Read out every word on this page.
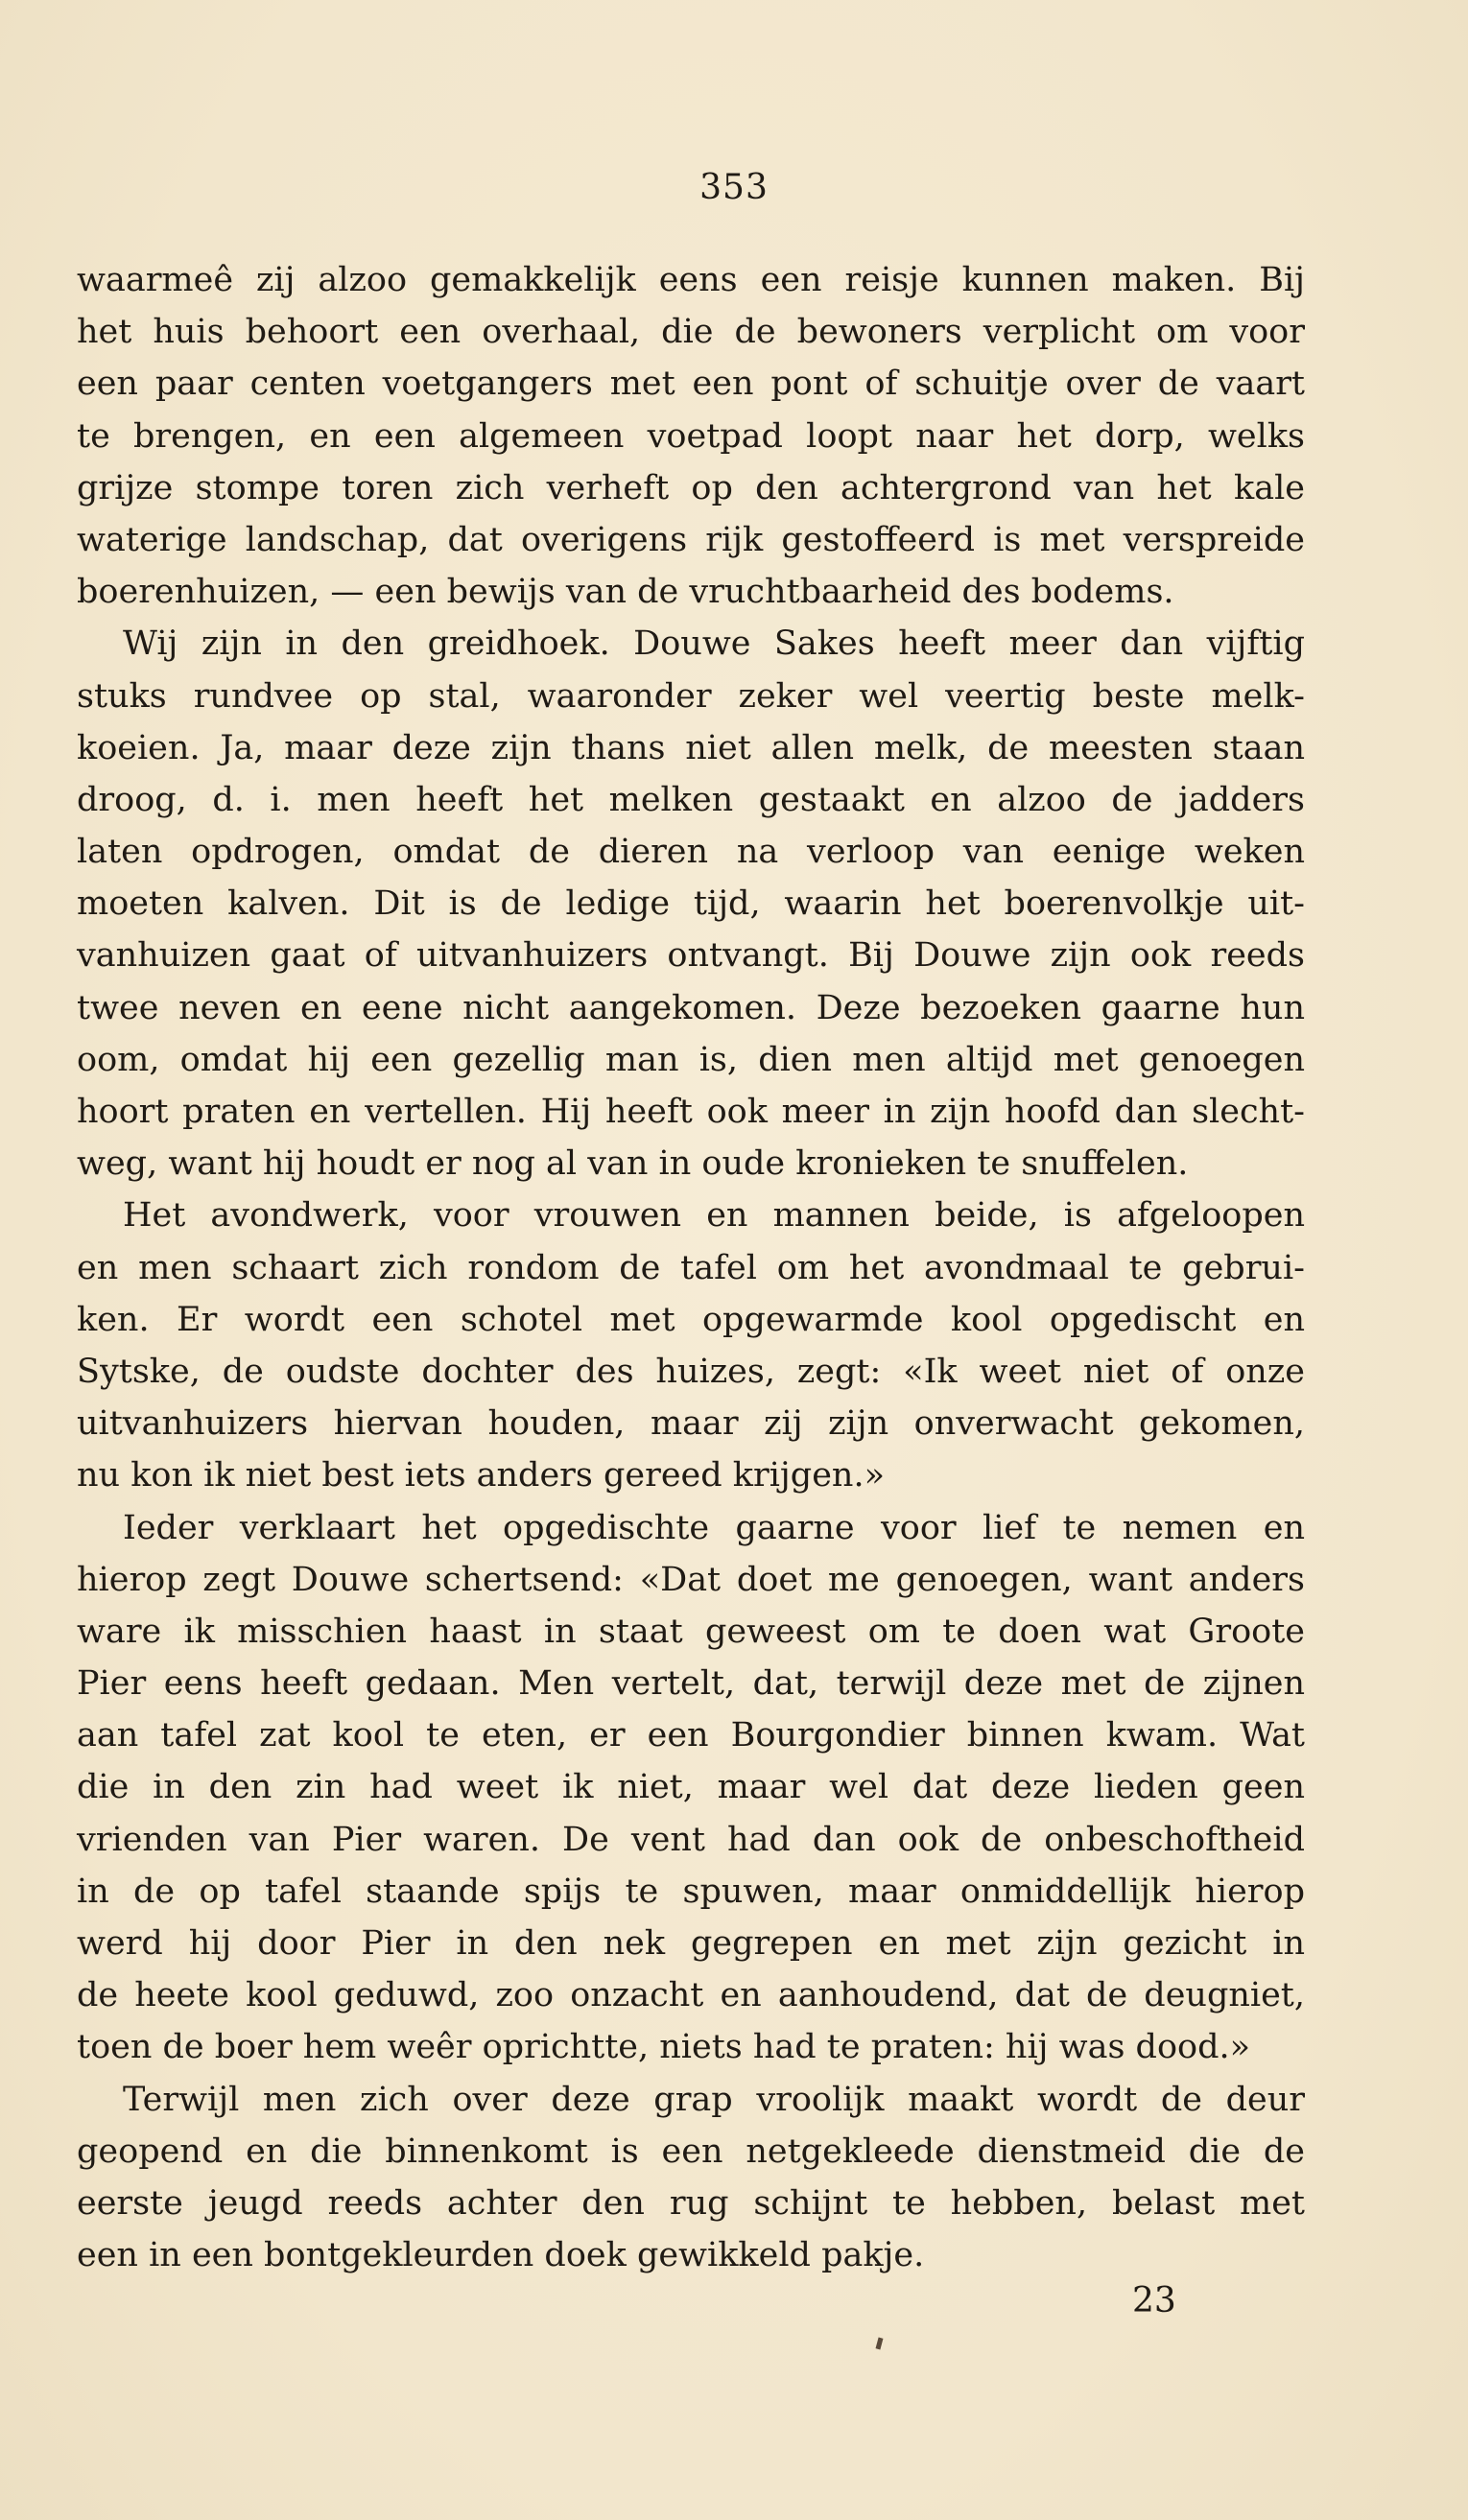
353
waarmeê zij alzoo gemakkelijk eens een reisje kunnen maken. Bij
het huis behoort een overhaal, die de bewoners verplicht om voor
een paar centen voetgangers met een pont of schuitje over de vaart
te brengen, en een algemeen voetpad loopt naar het dorp, welks
grijze stompe toren zich verheft op den achtergrond van het kale
waterige landschap, dat overigens rijk gestoffeerd is met verspreide
boerenhuizen, — een bewijs van de vruchtbaarheid des bodems.
Wij zijn in den greidhoek. Douwe Sakes heeft meer dan vijftig
stuks rundvee op stal, waaronder zeker wel veertig beste melk-
koeien. Ja, maar deze zijn thans niet allen melk, de meesten staan
droog, d. i. men heeft het melken gestaakt en alzoo de jadders
laten opdrogen, omdat de dieren na verloop van eenige weken
moeten kalven. Dit is de ledige tijd, waarin het boerenvolkje uit-
vanhuizen gaat of uitvanhuizers ontvangt. Bij Douwe zijn ook reeds
twee neven en eene nicht aangekomen. Deze bezoeken gaarne hun
oom, omdat hij een gezellig man is, dien men altijd met genoegen
hoort praten en vertellen. Hij heeft ook meer in zijn hoofd dan slecht-
weg, want hij houdt er nog al van in oude kronieken te snuffelen.
Het avondwerk, voor vrouwen en mannen beide, is afgeloopen
en men schaart zich rondom de tafel om het avondmaal te gebrui-
ken. Er wordt een schotel met opgewarmde kool opgedischt en
Sytske, de oudste dochter des huizes, zegt: «Ik weet niet of onze
uitvanhuizers hiervan houden, maar zij zijn onverwacht gekomen,
nu kon ik niet best iets anders gereed krijgen.»
Ieder verklaart het opgedischte gaarne voor lief te nemen en
hierop zegt Douwe schertsend: «Dat doet me genoegen, want anders
ware ik misschien haast in staat geweest om te doen wat Groote
Pier eens heeft gedaan. Men vertelt, dat, terwijl deze met de zijnen
aan tafel zat kool te eten, er een Bourgondier binnen kwam. Wat
die in den zin had weet ik niet, maar wel dat deze lieden geen
vrienden van Pier waren. De vent had dan ook de onbeschoftheid
in de op tafel staande spijs te spuwen, maar onmiddellijk hierop
werd hij door Pier in den nek gegrepen en met zijn gezicht in
de heete kool geduwd, zoo onzacht en aanhoudend, dat de deugniet,
toen de boer hem weêr oprichtte, niets had te praten: hij was dood.»
Terwijl men zich over deze grap vroolijk maakt wordt de deur
geopend en die binnenkomt is een netgekleede dienstmeid die de
eerste jeugd reeds achter den rug schijnt te hebben, belast met
een in een bontgekleurden doek gewikkeld pakje.
23
